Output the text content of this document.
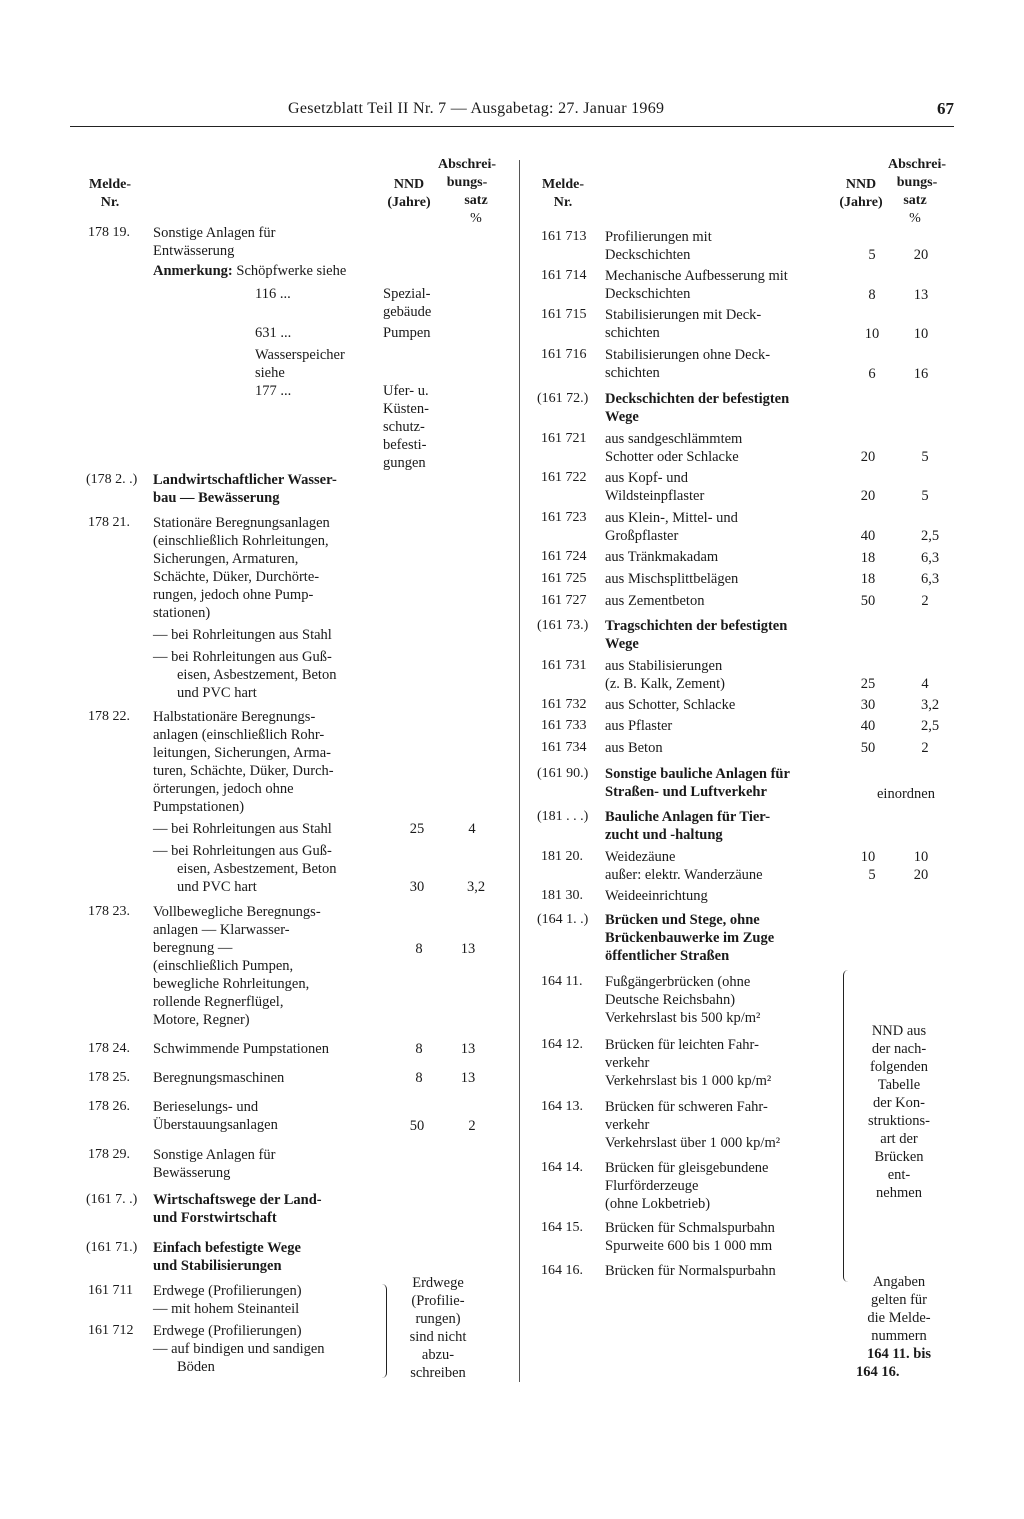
Gesetzblatt Teil II Nr. 7 — Ausgabetag: 27. Januar 1969	67
Melde-
Nr.
NND
(Jahre)
Abschrei-
bungs-
satz
%
Melde-
Nr.
NND
(Jahre)
Abschrei-
bungs-
satz
%
178 19. Sonstige Anlagen für
Entwässerung
Anmerkung: Schöpfwerke siehe
116 ...	Spezial-
gebäude
631 ...	Pumpen
Wasserspeicher
siehe
177 ...	Ufer- u.
Küsten-
schutz-
befesti-
gungen
(178 2. .) Landwirtschaftlicher Wasser-
bau — Bewässerung
178 21. Stationäre Beregnungsanlagen
(einschließlich Rohrleitungen,
Sicherungen, Armaturen,
Schächte, Düker, Durchörte-
rungen, jedoch ohne Pump-
stationen)
— bei Rohrleitungen aus Stahl
— bei Rohrleitungen aus Guß-
eisen, Asbestzement, Beton
und PVC hart
178 22. Halbstationäre Beregnungs-
anlagen (einschließlich Rohr-
leitungen, Sicherungen, Arma-
turen, Schächte, Düker, Durch-
örterungen, jedoch ohne
Pumpstationen)
— bei Rohrleitungen aus Stahl	25	4
— bei Rohrleitungen aus Guß-
eisen, Asbestzement, Beton
und PVC hart	30	3,2
178 23. Vollbewegliche Beregnungs-
anlagen — Klarwasser-
beregnung —
(einschließlich Pumpen,
bewegliche Rohrleitungen,
rollende Regnerflügel,
Motore, Regner)
8	13
178 24. Schwimmende Pumpstationen	8	13
178 25. Beregnungsmaschinen	8	13
178 26. Berieselungs- und
Überstauungsanlagen	50	2
178 29. Sonstige Anlagen für
Bewässerung
(161 7. .) Wirtschaftswege der Land-
und Forstwirtschaft
(161 71.) Einfach befestigte Wege
und Stabilisierungen
161 711 Erdwege (Profilierungen)
— mit hohem Steinanteil
161 712 Erdwege (Profilierungen)
— auf bindigen und sandigen
Böden
Erdwege
(Profilie-
rungen)
sind nicht
abzu-
schreiben
161 713 Profilierungen mit
Deckschichten	5	20
161 714 Mechanische Aufbesserung mit
Deckschichten	8	13
161 715 Stabilisierungen mit Deck-
schichten	10	10
161 716 Stabilisierungen ohne Deck-
schichten	6	16
(161 72.) Deckschichten der befestigten
Wege
161 721 aus sandgeschlämmtem
Schotter oder Schlacke	20	5
161 722 aus Kopf- und
Wildsteinpflaster	20	5
161 723 aus Klein-, Mittel- und
Großpflaster	40	2,5
161 724 aus Tränkmakadam	18	6,3
161 725 aus Mischsplittbelägen	18	6,3
161 727 aus Zementbeton	50	2
(161 73.) Tragschichten der befestigten
Wege
161 731 aus Stabilisierungen
(z. B. Kalk, Zement)	25	4
161 732 aus Schotter, Schlacke	30	3,2
161 733 aus Pflaster	40	2,5
161 734 aus Beton	50	2
(161 90.) Sonstige bauliche Anlagen für
Straßen- und Luftverkehr	einordnen
(181 . . .) Bauliche Anlagen für Tier-
zucht und -haltung
181 20. Weidezäune
außer: elektr. Wanderzäune
10	10
5	20
181 30. Weideeinrichtung
(164 1. .) Brücken und Stege, ohne
Brückenbauwerke im Zuge
öffentlicher Straßen
164 11. Fußgängerbrücken (ohne
Deutsche Reichsbahn)
Verkehrslast bis 500 kp/m²
164 12. Brücken für leichten Fahr-
verkehr
Verkehrslast bis 1 000 kp/m²
164 13. Brücken für schweren Fahr-
verkehr
Verkehrslast über 1 000 kp/m²
164 14. Brücken für gleisgebundene
Flurförderzeuge
(ohne Lokbetrieb)
164 15. Brücken für Schmalspurbahn
Spurweite 600 bis 1 000 mm
164 16. Brücken für Normalspurbahn
NND aus
der nach-
folgenden
Tabelle
der Kon-
struktions-
art der
Brücken
ent-
nehmen
Angaben
gelten für
die Melde-
nummern
164 11. bis
164 16.
